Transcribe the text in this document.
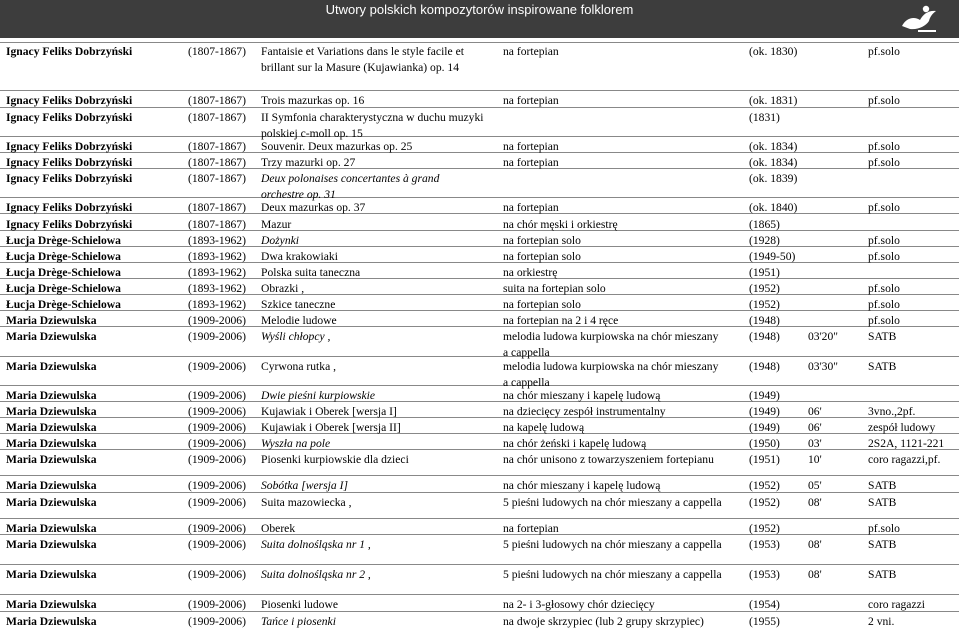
Utwory polskich kompozytorów inspirowane folklorem
Ignacy Feliks Dobrzyński	(1807-1867) Fantaisie et Variations dans le style facile et	na fortepian	(ok. 1830)	pf.solo
brillant sur la Masure (Kujawianka) op. 14
Ignacy Feliks Dobrzyński	(1807-1867) Trois mazurkas op. 16	na fortepian	(ok. 1831)	pf.solo
Ignacy Feliks Dobrzyński	(1807-1867) II Symfonia charakterystyczna w duchu muzyki	(1831)
polskiej c-moll op. 15
Ignacy Feliks Dobrzyński	(1807-1867) Souvenir. Deux mazurkas op. 25	na fortepian	(ok. 1834)	pf.solo
Ignacy Feliks Dobrzyński	(1807-1867) Trzy mazurki op. 27	na fortepian	(ok. 1834)	pf.solo
Ignacy Feliks Dobrzyński	(1807-1867) Deux polonaises concertantes à grand	(ok. 1839)
orchestre op. 31
Ignacy Feliks Dobrzyński	(1807-1867) Deux mazurkas op. 37	na fortepian	(ok. 1840)	pf.solo
Ignacy Feliks Dobrzyński	(1807-1867) Mazur	na chór męski i orkiestrę	(1865)
Łucja Drège-Schielowa	(1893-1962) Dożynki	na fortepian solo	(1928)	pf.solo
Łucja Drège-Schielowa	(1893-1962) Dwa krakowiaki	na fortepian solo	(1949-50)	pf.solo
Łucja Drège-Schielowa	(1893-1962) Polska suita taneczna	na orkiestrę	(1951)
Łucja Drège-Schielowa	(1893-1962) Obrazki ,	suita na fortepian solo	(1952)	pf.solo
Łucja Drège-Schielowa	(1893-1962) Szkice taneczne	na fortepian solo	(1952)	pf.solo
Maria Dziewulska	(1909-2006) Melodie ludowe	na fortepian na 2 i 4 ręce	(1948)	pf.solo
Maria Dziewulska	(1909-2006) Wyśli chłopcy ,	melodia ludowa kurpiowska na chór mieszany	(1948) 03'20"	SATB
a cappella
Maria Dziewulska	(1909-2006) Cyrwona rutka ,	melodia ludowa kurpiowska na chór mieszany	(1948) 03'30"	SATB
a cappella
Maria Dziewulska	(1909-2006) Dwie pieśni kurpiowskie	na chór mieszany i kapelę ludową	(1949)
Maria Dziewulska	(1909-2006) Kujawiak i Oberek [wersja I]	na dziecięcy zespół instrumentalny	(1949) 06'	3vno.,2pf.
Maria Dziewulska	(1909-2006) Kujawiak i Oberek [wersja II]	na kapelę ludową	(1949) 06'	zespół ludowy
Maria Dziewulska	(1909-2006) Wyszła na pole	na chór żeński i kapelę ludową	(1950) 03'	2S2A, 1121-221
Maria Dziewulska	(1909-2006) Piosenki kurpiowskie dla dzieci	na chór unisono z towarzyszeniem fortepianu	(1951) 10'	coro ragazzi,pf.
Maria Dziewulska	(1909-2006) Sobótka [wersja I]	na chór mieszany i kapelę ludową	(1952) 05'	SATB
Maria Dziewulska	(1909-2006) Suita mazowiecka ,	5 pieśni ludowych na chór mieszany a cappella (1952) 08'	SATB
Maria Dziewulska	(1909-2006) Oberek	na fortepian	(1952)	pf.solo
Maria Dziewulska	(1909-2006) Suita dolnośląska nr 1 ,	5 pieśni ludowych na chór mieszany a cappella (1953) 08'	SATB
Maria Dziewulska	(1909-2006) Suita dolnośląska nr 2 ,	5 pieśni ludowych na chór mieszany a cappella (1953) 08'	SATB
Maria Dziewulska	(1909-2006) Piosenki ludowe	na 2- i 3-głosowy chór dziecięcy	(1954)	coro ragazzi
Maria Dziewulska	(1909-2006) Tańce i piosenki	na dwoje skrzypiec (lub 2 grupy skrzypiec)	(1955)	2 vni.
